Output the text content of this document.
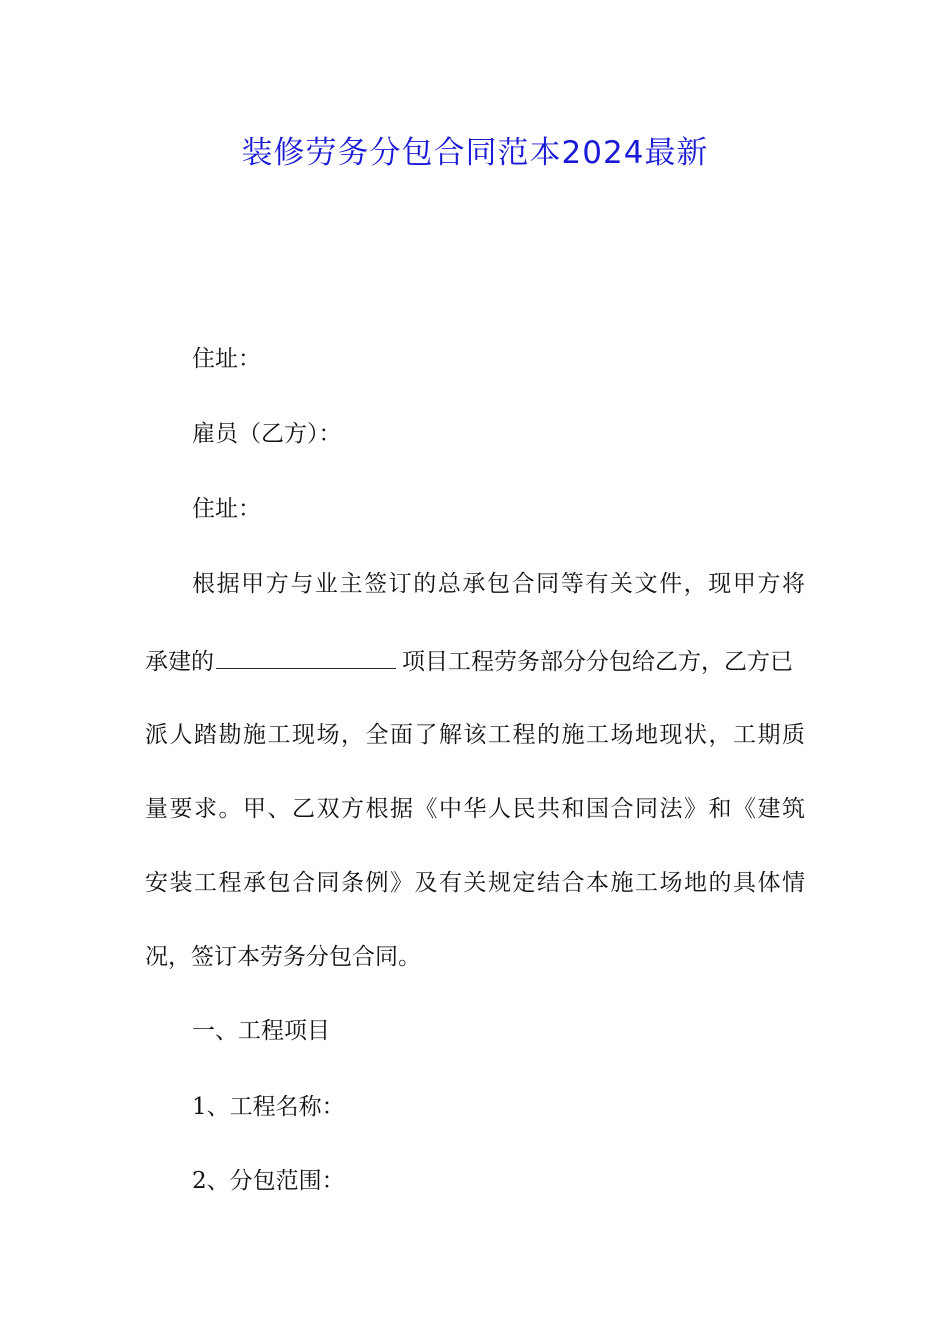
装修劳务分包合同范本2024最新

住址：

雇员（乙方）：

住址：

根据甲方与业主签订的总承包合同等有关文件，现甲方将

承建的	项目工程劳务部分分包给乙方，乙方已

派人踏勘施工现场，全面了解该工程的施工场地现状，工期质

量要求。甲、乙双方根据《中华人民共和国合同法》和《建筑

安装工程承包合同条例》及有关规定结合本施工场地的具体情

况，签订本劳务分包合同。

一、工程项目

1、工程名称：

2、分包范围：
